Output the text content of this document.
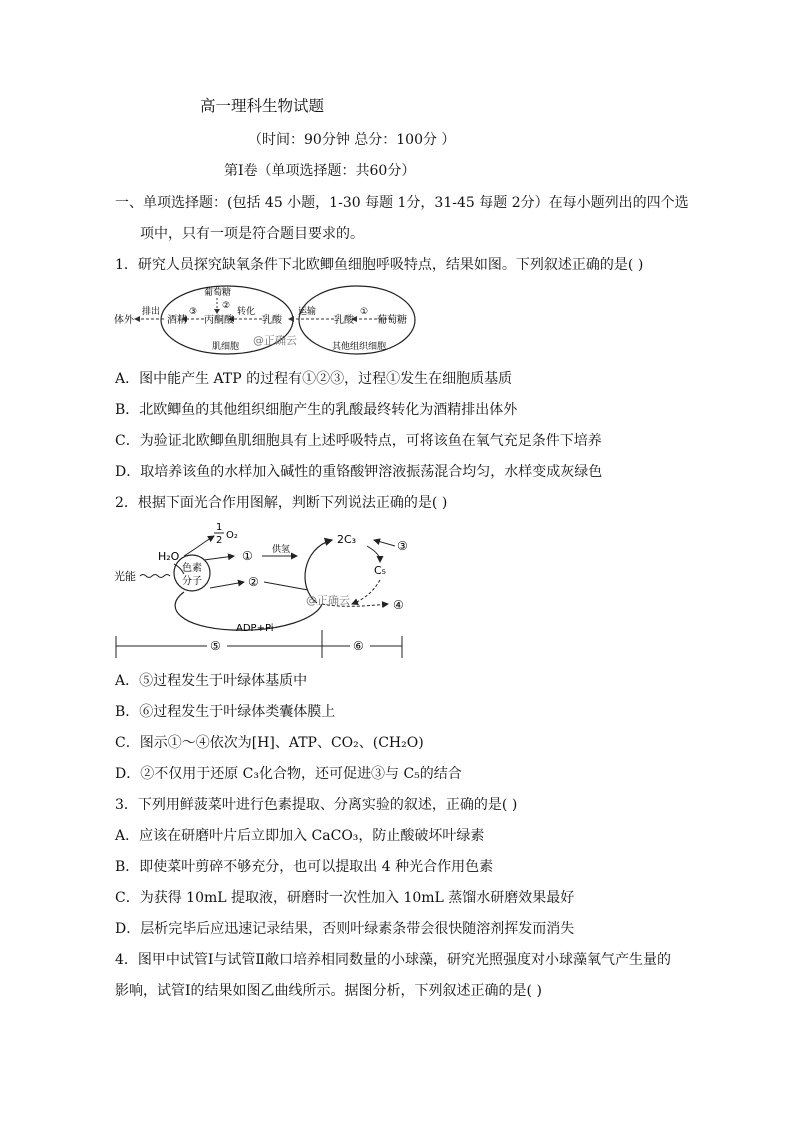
高一理科生物试题
（时间：90分钟 总分：100分 ）
第Ⅰ卷（单项选择题：共60分）
一、单项选择题：(包括 45 小题，1-30 每题 1分，31-45 每题 2分）在每小题列出的四个选
项中，只有一项是符合题目要求的。
1．研究人员探究缺氧条件下北欧鲫鱼细胞呼吸特点，结果如图。下列叙述正确的是( )
体外
排出
酒精
③
丙酮酸
葡萄糖
②
转化
乳酸
运输
乳酸
①
葡萄糖
肌细胞	其他组织细胞
@正确云
A．图中能产生 ATP 的过程有①②③，过程①发生在细胞质基质
B．北欧鲫鱼的其他组织细胞产生的乳酸最终转化为酒精排出体外
C．为验证北欧鲫鱼肌细胞具有上述呼吸特点，可将该鱼在氧气充足条件下培养
D．取培养该鱼的水样加入碱性的重铬酸钾溶液振荡混合均匀，水样变成灰绿色
2．根据下面光合作用图解，判断下列说法正确的是( )
1
2 O₂
H₂O
光能
色素
分子
① 供氢
2C₃	③
C₅
④
②
ADP+Pi
@正确云
⑤	⑥
A．⑤过程发生于叶绿体基质中
B．⑥过程发生于叶绿体类囊体膜上
C．图示①～④依次为[H]、ATP、CO₂、(CH₂O)
D．②不仅用于还原 C₃化合物，还可促进③与 C₅的结合
3．下列用鲜菠菜叶进行色素提取、分离实验的叙述，正确的是( )
A．应该在研磨叶片后立即加入 CaCO₃，防止酸破坏叶绿素
B．即使菜叶剪碎不够充分，也可以提取出 4 种光合作用色素
C．为获得 10mL 提取液，研磨时一次性加入 10mL 蒸馏水研磨效果最好
D．层析完毕后应迅速记录结果，否则叶绿素条带会很快随溶剂挥发而消失
4．图甲中试管Ⅰ与试管Ⅱ敞口培养相同数量的小球藻，研究光照强度对小球藻氧气产生量的
影响，试管Ⅰ的结果如图乙曲线所示。据图分析，下列叙述正确的是( )
